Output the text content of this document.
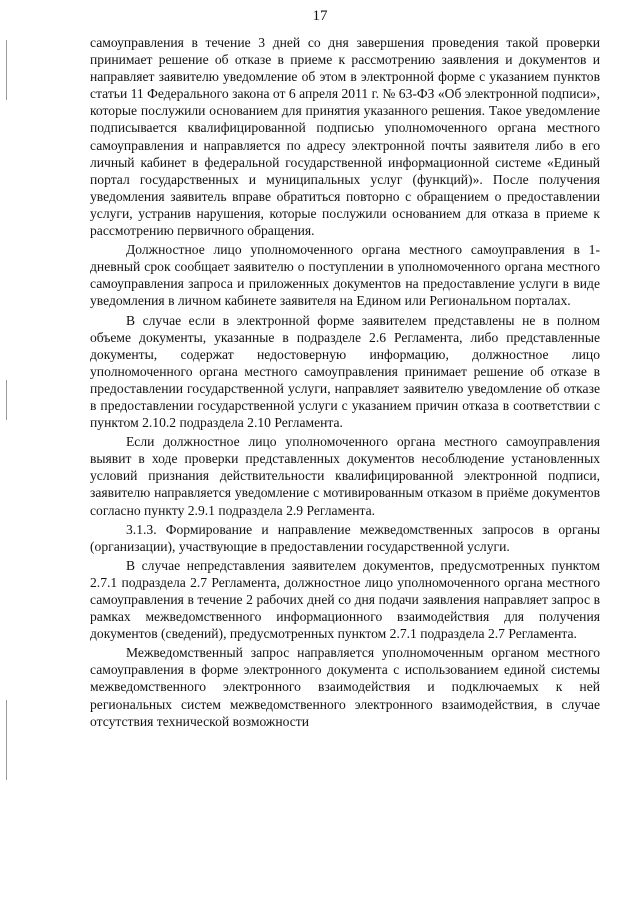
17

самоуправления в течение 3 дней со дня завершения проведения такой проверки принимает решение об отказе в приеме к рассмотрению заявления и документов и направляет заявителю уведомление об этом в электронной форме с указанием пунктов статьи 11 Федерального закона от 6 апреля 2011 г. № 63-ФЗ «Об электронной подписи», которые послужили основанием для принятия указанного решения. Такое уведомление подписывается квалифицированной подписью уполномоченного органа местного самоуправления и направляется по адресу электронной почты заявителя либо в его личный кабинет в федеральной государственной информационной системе «Единый портал государственных и муниципальных услуг (функций)». После получения уведомления заявитель вправе обратиться повторно с обращением о предоставлении услуги, устранив нарушения, которые послужили основанием для отказа в приеме к рассмотрению первичного обращения.

Должностное лицо уполномоченного органа местного самоуправления в 1-дневный срок сообщает заявителю о поступлении в уполномоченного органа местного самоуправления запроса и приложенных документов на предоставление услуги в виде уведомления в личном кабинете заявителя на Едином или Региональном порталах.

В случае если в электронной форме заявителем представлены не в полном объеме документы, указанные в подразделе 2.6 Регламента, либо представленные документы, содержат недостоверную информацию, должностное лицо уполномоченного органа местного самоуправления принимает решение об отказе в предоставлении государственной услуги, направляет заявителю уведомление об отказе в предоставлении государственной услуги с указанием причин отказа в соответствии с пунктом 2.10.2 подраздела 2.10 Регламента.

Если должностное лицо уполномоченного органа местного самоуправления выявит в ходе проверки представленных документов несоблюдение установленных условий признания действительности квалифицированной электронной подписи, заявителю направляется уведомление с мотивированным отказом в приёме документов согласно пункту 2.9.1 подраздела 2.9 Регламента.

3.1.3. Формирование и направление межведомственных запросов в органы (организации), участвующие в предоставлении государственной услуги.

В случае непредставления заявителем документов, предусмотренных пунктом 2.7.1 подраздела 2.7 Регламента, должностное лицо уполномоченного органа местного самоуправления в течение 2 рабочих дней со дня подачи заявления направляет запрос в рамках межведомственного информационного взаимодействия для получения документов (сведений), предусмотренных пунктом 2.7.1 подраздела 2.7 Регламента.

Межведомственный запрос направляется уполномоченным органом местного самоуправления в форме электронного документа с использованием единой системы межведомственного электронного взаимодействия и подключаемых к ней региональных систем межведомственного электронного взаимодействия, в случае отсутствия технической возможности
